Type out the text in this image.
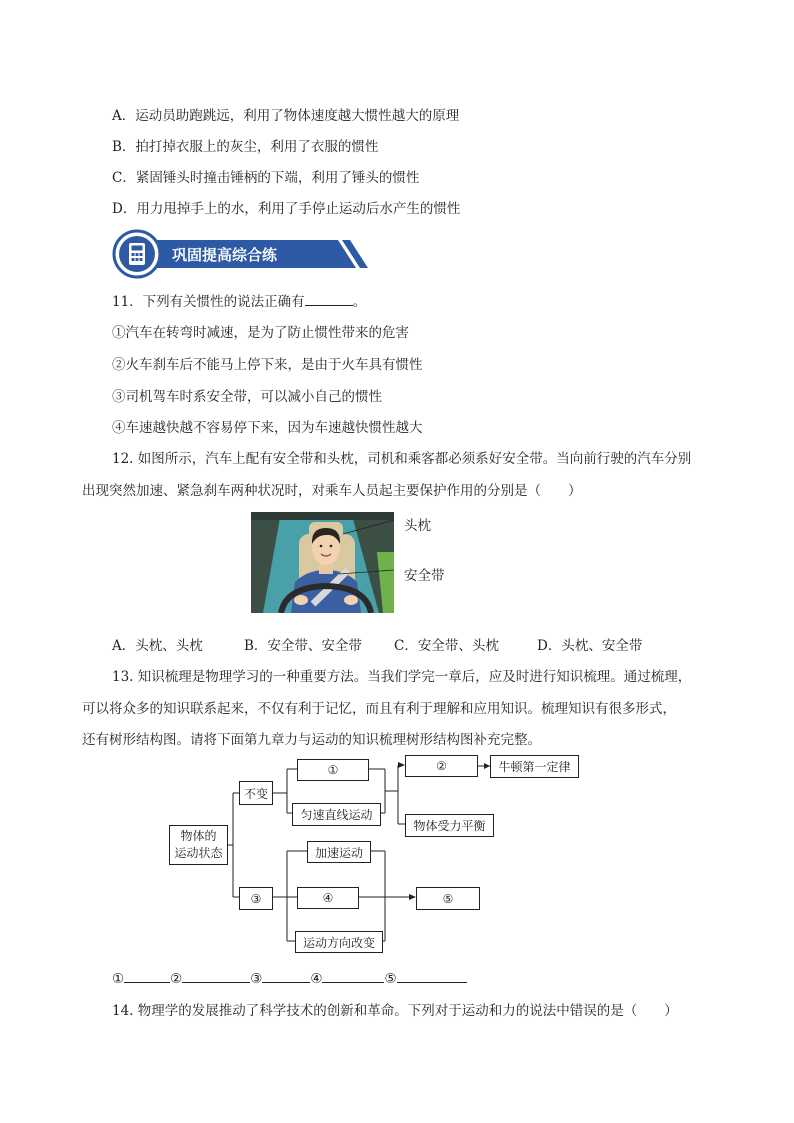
A．运动员助跑跳远，利用了物体速度越大惯性越大的原理
B．拍打掉衣服上的灰尘，利用了衣服的惯性
C．紧固锤头时撞击锤柄的下端，利用了锤头的惯性
D．用力甩掉手上的水，利用了手停止运动后水产生的惯性
巩固提高综合练
11．下列有关惯性的说法正确有	。
①汽车在转弯时减速，是为了防止惯性带来的危害
②火车刹车后不能马上停下来，是由于火车具有惯性
③司机驾车时系安全带，可以减小自己的惯性
④车速越快越不容易停下来，因为车速越快惯性越大
12. 如图所示，汽车上配有安全带和头枕，司机和乘客都必须系好安全带。当向前行驶的汽车分别
出现突然加速、紧急刹车两种状况时，对乘车人员起主要保护作用的分别是（　　）
头枕
安全带
A．头枕、头枕	B．安全带、安全带 C．安全带、头枕	D．头枕、安全带
13. 知识梳理是物理学习的一种重要方法。当我们学完一章后，应及时进行知识梳理。通过梳理，
可以将众多的知识联系起来，不仅有利于记忆，而且有利于理解和应用知识。梳理知识有很多形式，
还有树形结构图。请将下面第九章力与运动的知识梳理树形结构图补充完整。
物体的
运动状态
不变
①
匀速直线运动
②	牛顿第一定律
物体受力平衡
③
加速运动
④
运动方向改变
⑤
①	②	③	④	⑤
14. 物理学的发展推动了科学技术的创新和革命。下列对于运动和力的说法中错误的是（　　）
